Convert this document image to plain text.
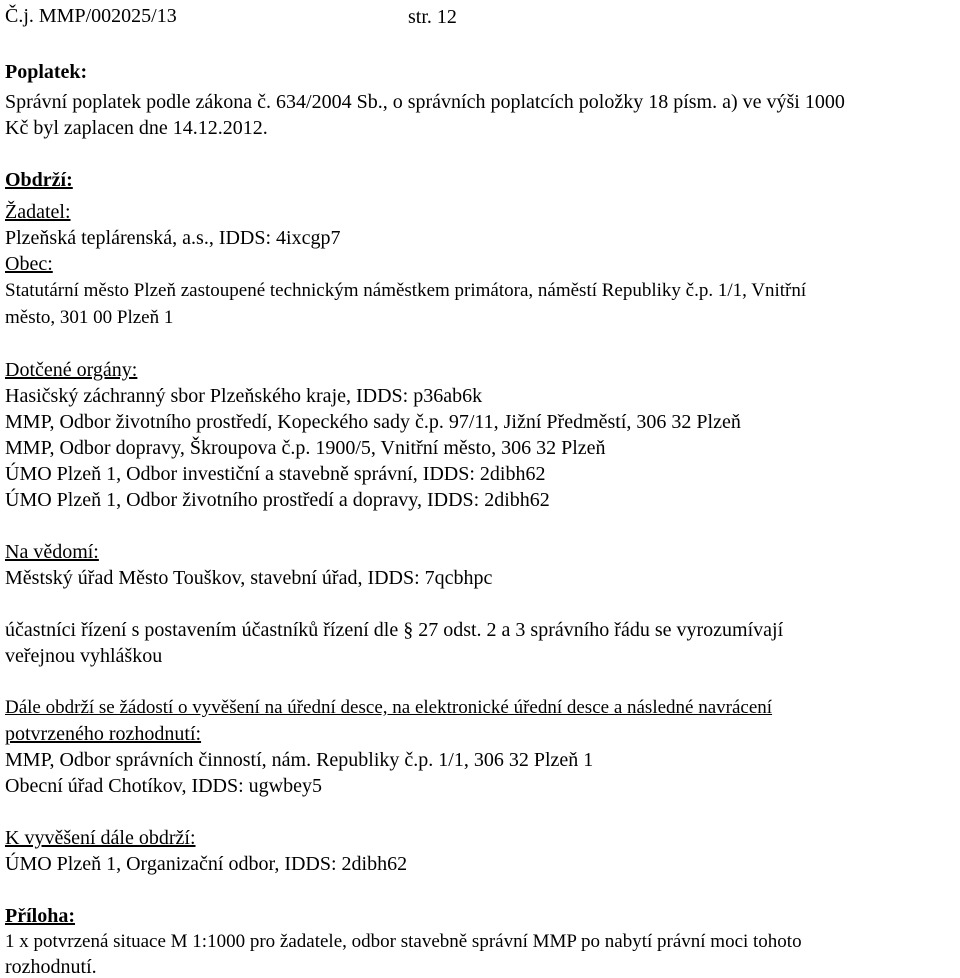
Č.j. MMP/002025/13	str. 12
Poplatek:
Správní poplatek podle zákona č. 634/2004 Sb., o správních poplatcích položky 18 písm. a) ve výši 1000
Kč byl zaplacen dne 14.12.2012.
Obdrží:
Žadatel:
Plzeňská teplárenská, a.s., IDDS: 4ixcgp7
Obec:
Statutární město Plzeň zastoupené technickým náměstkem primátora, náměstí Republiky č.p. 1/1, Vnitřní
město, 301 00 Plzeň 1
Dotčené orgány:
Hasičský záchranný sbor Plzeňského kraje, IDDS: p36ab6k
MMP, Odbor životního prostředí, Kopeckého sady č.p. 97/11, Jižní Předměstí, 306 32 Plzeň
MMP, Odbor dopravy, Škroupova č.p. 1900/5, Vnitřní město, 306 32 Plzeň
ÚMO Plzeň 1, Odbor investiční a stavebně správní, IDDS: 2dibh62
ÚMO Plzeň 1, Odbor životního prostředí a dopravy, IDDS: 2dibh62
Na vědomí:
Městský úřad Město Touškov, stavební úřad, IDDS: 7qcbhpc
účastníci řízení s postavením účastníků řízení dle § 27 odst. 2 a 3 správního řádu se vyrozumívají
veřejnou vyhláškou
Dále obdrží se žádostí o vyvěšení na úřední desce, na elektronické úřední desce a následné navrácení
potvrzeného rozhodnutí:
MMP, Odbor správních činností, nám. Republiky č.p. 1/1, 306 32 Plzeň 1
Obecní úřad Chotíkov, IDDS: ugwbey5
K vyvěšení dále obdrží:
ÚMO Plzeň 1, Organizační odbor, IDDS: 2dibh62
Příloha:
1 x potvrzená situace M 1:1000 pro žadatele, odbor stavebně správní MMP po nabytí právní moci tohoto
rozhodnutí.
